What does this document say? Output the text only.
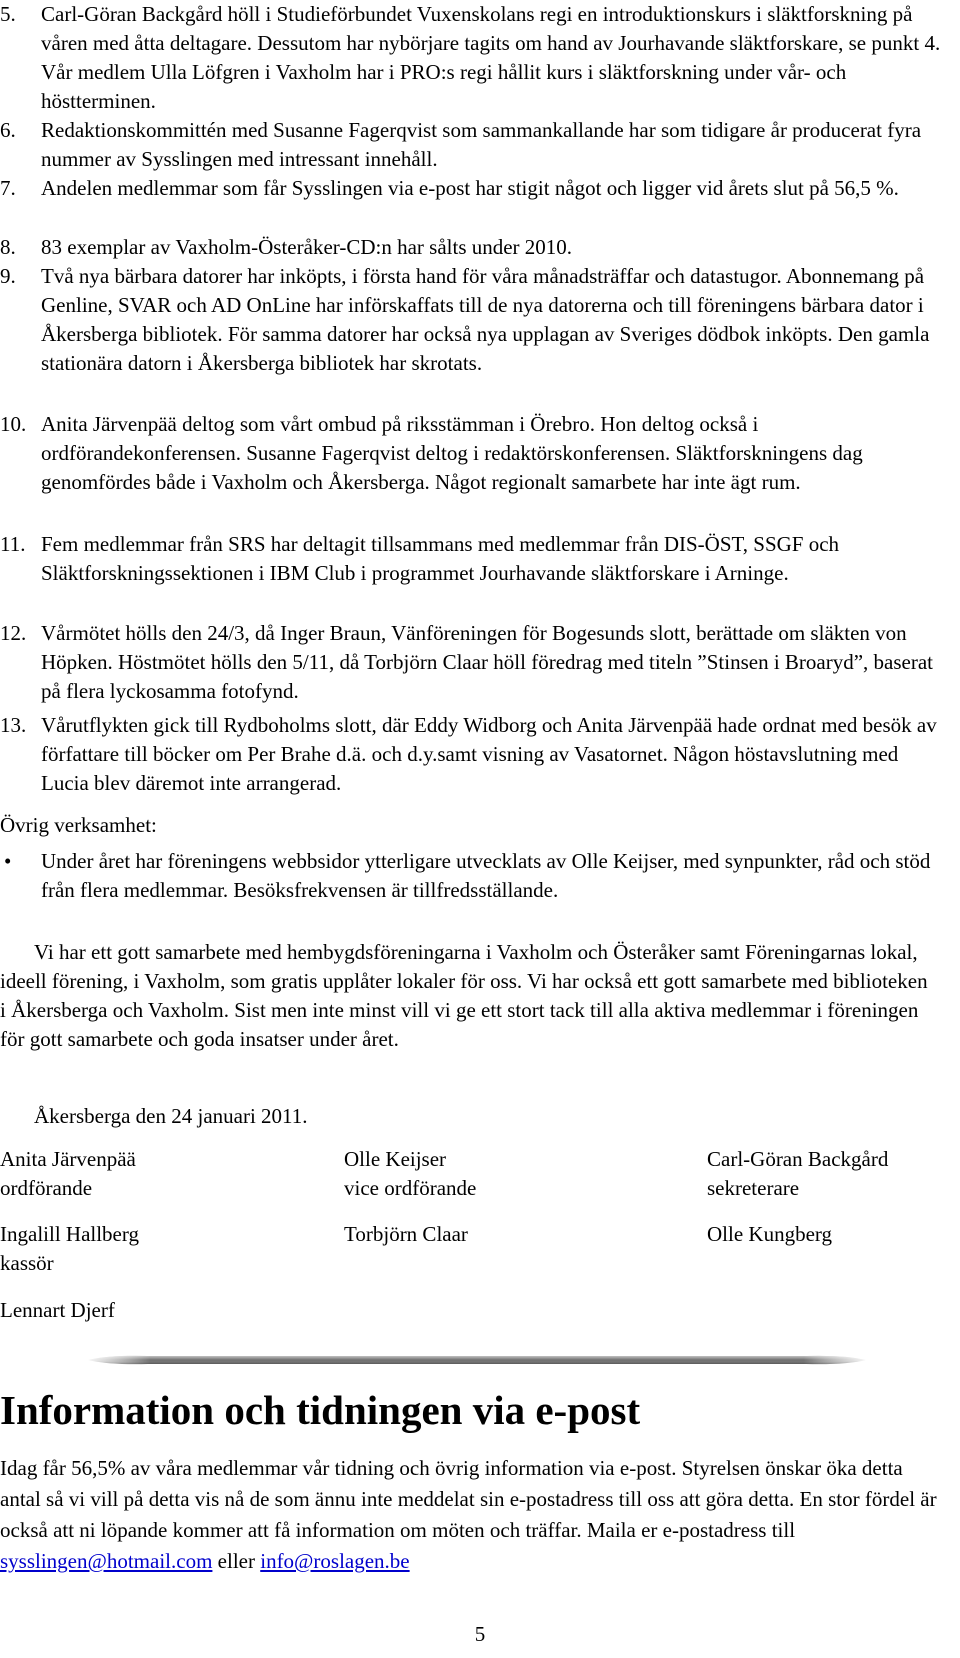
5. Carl-Göran Backgård höll i Studieförbundet Vuxenskolans regi en introduktionskurs i släktforskning på våren med åtta deltagare. Dessutom har nybörjare tagits om hand av Jourhavande släktforskare, se punkt 4. Vår medlem Ulla Löfgren i Vaxholm har i PRO:s regi hållit kurs i släktforskning under vår- och höstterminen.

6. Redaktionskommittén med Susanne Fagerqvist som sammankallande har som tidigare år producerat fyra nummer av Sysslingen med intressant innehåll.

7. Andelen medlemmar som får Sysslingen via e-post har stigit något och ligger vid årets slut på 56,5 %.

8. 83 exemplar av Vaxholm-Österåker-CD:n har sålts under 2010.

9. Två nya bärbara datorer har inköpts, i första hand för våra månadsträffar och datastugor. Abonnemang på Genline, SVAR och AD OnLine har införskaffats till de nya datorerna och till föreningens bärbara dator i Åkersberga bibliotek. För samma datorer har också nya upplagan av Sveriges dödbok inköpts. Den gamla stationära datorn i Åkersberga bibliotek har skrotats.

10. Anita Järvenpää deltog som vårt ombud på riksstämman i Örebro. Hon deltog också i ordförandekonferensen. Susanne Fagerqvist deltog i redaktörskonferensen. Släktforskningens dag genomfördes både i Vaxholm och Åkersberga. Något regionalt samarbete har inte ägt rum.

11. Fem medlemmar från SRS har deltagit tillsammans med medlemmar från DIS-ÖST, SSGF och Släktforskningssektionen i IBM Club i programmet Jourhavande släktforskare i Arninge.

12. Vårmötet hölls den 24/3, då Inger Braun, Vänföreningen för Bogesunds slott, berättade om släkten von Höpken. Höstmötet hölls den 5/11, då Torbjörn Claar höll föredrag med titeln ”Stinsen i Broaryd”, baserat på flera lyckosamma fotofynd.

13. Vårutflykten gick till Rydboholms slott, där Eddy Widborg och Anita Järvenpää hade ordnat med besök av författare till böcker om Per Brahe d.ä. och d.y.samt visning av Vasatornet. Någon höstavslutning med Lucia blev däremot inte arrangerad.

Övrig verksamhet:
• Under året har föreningens webbsidor ytterligare utvecklats av Olle Keijser, med synpunkter, råd och stöd från flera medlemmar. Besöksfrekvensen är tillfredsställande.

Vi har ett gott samarbete med hembygdsföreningarna i Vaxholm och Österåker samt Föreningarnas lokal, ideell förening, i Vaxholm, som gratis upplåter lokaler för oss. Vi har också ett gott samarbete med biblioteken i Åkersberga och Vaxholm. Sist men inte minst vill vi ge ett stort tack till alla aktiva medlemmar i föreningen för gott samarbete och goda insatser under året.

Åkersberga den 24 januari 2011.
Anita Järvenpää
ordförande
Olle Keijser
vice ordförande
Carl-Göran Backgård
sekreterare
Ingalill Hallberg
kassör
Torbjörn Claar	Olle Kungberg
Lennart Djerf
Information och tidningen via e-post

Idag får 56,5% av våra medlemmar vår tidning och övrig information via e-post. Styrelsen önskar öka detta antal så vi vill på detta vis nå de som ännu inte meddelat sin e-postadress till oss att göra detta. En stor fördel är också att ni löpande kommer att få information om möten och träffar. Maila er e-postadress till sysslingen@hotmail.com eller info@roslagen.be

5
